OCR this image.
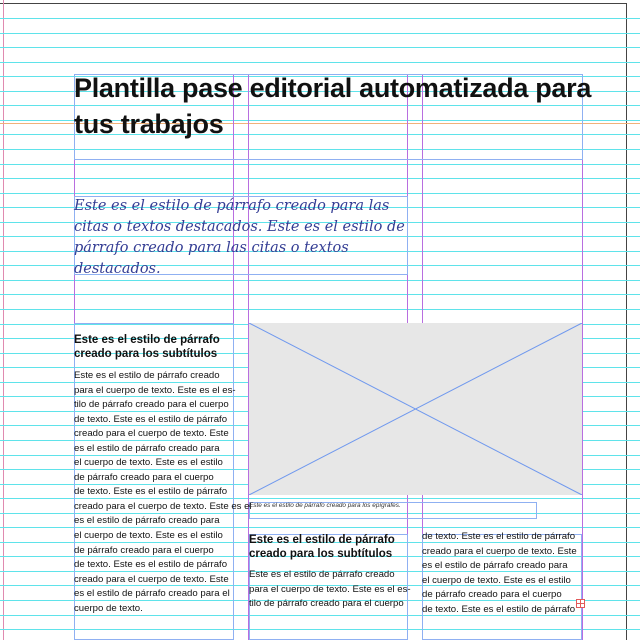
Plantilla pase editorial automatizada para tus trabajos

Este es el estilo de párrafo creado para las citas o textos destacados. Este es el estilo de párrafo creado para las citas o textos destacados.

Este es el estilo de párrafo creado para los subtítulos
Este es el estilo de párrafo creado
para el cuerpo de texto. Este es el es-
tilo de párrafo creado para el cuerpo
de texto. Este es el estilo de párrafo
creado para el cuerpo de texto. Este
es el estilo de párrafo creado para
el cuerpo de texto. Este es el estilo
de párrafo creado para el cuerpo
de texto. Este es el estilo de párrafo
creado para el cuerpo de texto. Este es el
es el estilo de párrafo creado para
el cuerpo de texto. Este es el estilo
de párrafo creado para el cuerpo
de texto. Este es el estilo de párrafo
creado para el cuerpo de texto. Este
es el estilo de párrafo creado para el
cuerpo de texto.

Este es el estilo de párrafo creado para los epígrafes.

Este es el estilo de párrafo creado para los subtítulos
Este es el estilo de párrafo creado
para el cuerpo de texto. Este es el es-
tilo de párrafo creado para el cuerpo
de texto. Este es el estilo de párrafo
creado para el cuerpo de texto. Este
es el estilo de párrafo creado para
el cuerpo de texto. Este es el estilo
de párrafo creado para el cuerpo
de texto. Este es el estilo de párrafo
